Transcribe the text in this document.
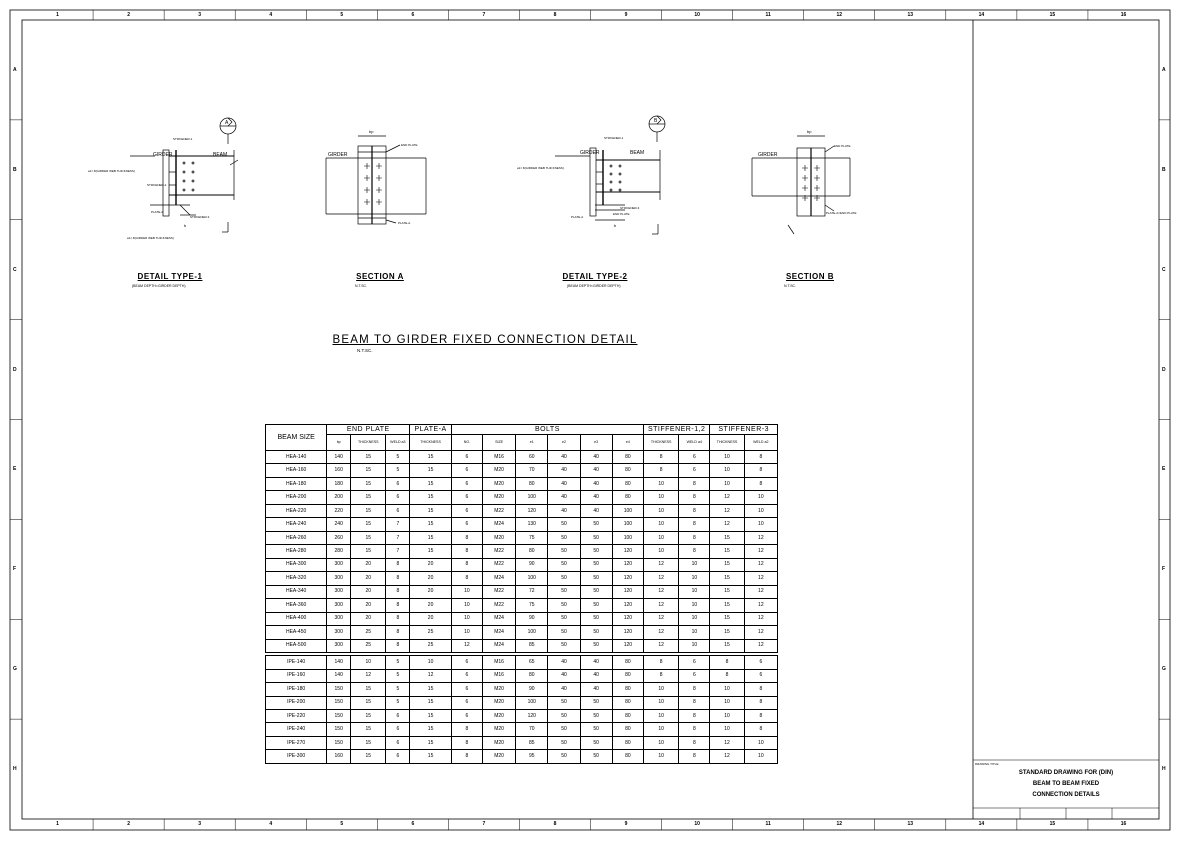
GIRDER	BEAM
STIFFENER-1
STIFFENER-2
STIFFENER-3
PLATE-A
a1=.8(GIRDER WEB THICKNESS)
a1=.8(GIRDER WEB THICKNESS)
A
b
GIRDER
END PLATE
PLATE-A
bp
GIRDER	BEAM
STIFFENER-1
STIFFENER-3
END PLATE
PLATE-A
a1=.8(GIRDER WEB THICKNESS)
B
b
GIRDER
END PLATE
PLATE-A=END PLATE
bp
1
1
2
2
3
3
4
4
5
5
6
6
7
7
8
8
9
9
10
10
11
11
12
12
13
13
14
14
15
15
16
16
A	A
B	B
C	C
D	D
E	E
F	F
G	G
H	H
DETAIL TYPE-1
(BEAM DEPTH=GIRDER DEPTH)
SECTION A
N.T.SC.
DETAIL TYPE-2
(BEAM DEPTH<GIRDER DEPTH)
SECTION B
N.T.SC.
BEAM TO GIRDER FIXED CONNECTION DETAIL
N.T.SC.
BEAM SIZE	END PLATE			PLATE-A	BOLTS						STIFFENER-1,2		STIFFENER-3	
	bp	THICKNESS	WELD a3	THICKNESS	NO.	SIZE	e1	e2	e3	e4	THICKNESS	WELD a4	THICKNESS	WELD a2
HEA-140	140	15	5	15	6	M16	60	40	40	80	8	6	10	8
HEA-160	160	15	5	15	6	M20	70	40	40	80	8	6	10	8
HEA-180	180	15	6	15	6	M20	80	40	40	80	10	8	10	8
HEA-200	200	15	6	15	6	M20	100	40	40	80	10	8	12	10
HEA-220	220	15	6	15	6	M22	120	40	40	100	10	8	12	10
HEA-240	240	15	7	15	6	M24	130	50	50	100	10	8	12	10
HEA-260	260	15	7	15	8	M20	75	50	50	100	10	8	15	12
HEA-280	280	15	7	15	8	M22	80	50	50	120	10	8	15	12
HEA-300	300	20	8	20	8	M22	90	50	50	120	12	10	15	12
HEA-320	300	20	8	20	8	M24	100	50	50	120	12	10	15	12
HEA-340	300	20	8	20	10	M22	72	50	50	120	12	10	15	12
HEA-360	300	20	8	20	10	M22	75	50	50	120	12	10	15	12
HEA-400	300	20	8	20	10	M24	90	50	50	120	12	10	15	12
HEA-450	300	25	8	25	10	M24	100	50	50	120	12	10	15	12
HEA-500	300	25	8	25	12	M24	85	50	50	120	12	10	15	12

IPE-140	140	10	5	10	6	M16	65	40	40	80	8	6	8	6
IPE-160	140	12	5	12	6	M16	80	40	40	80	8	6	8	6
IPE-180	150	15	5	15	6	M20	90	40	40	80	10	8	10	8
IPE-200	150	15	5	15	6	M20	100	50	50	80	10	8	10	8
IPE-220	150	15	6	15	6	M20	120	50	50	80	10	8	10	8
IPE-240	150	15	6	15	8	M20	70	50	50	80	10	8	10	8
IPE-270	150	15	6	15	8	M20	85	50	50	80	10	8	12	10
IPE-300	160	15	6	15	8	M20	95	50	50	80	10	8	12	10
DRAWING TITLE:
STANDARD DRAWING FOR (DIN)
BEAM TO BEAM FIXED
CONNECTION DETAILS
